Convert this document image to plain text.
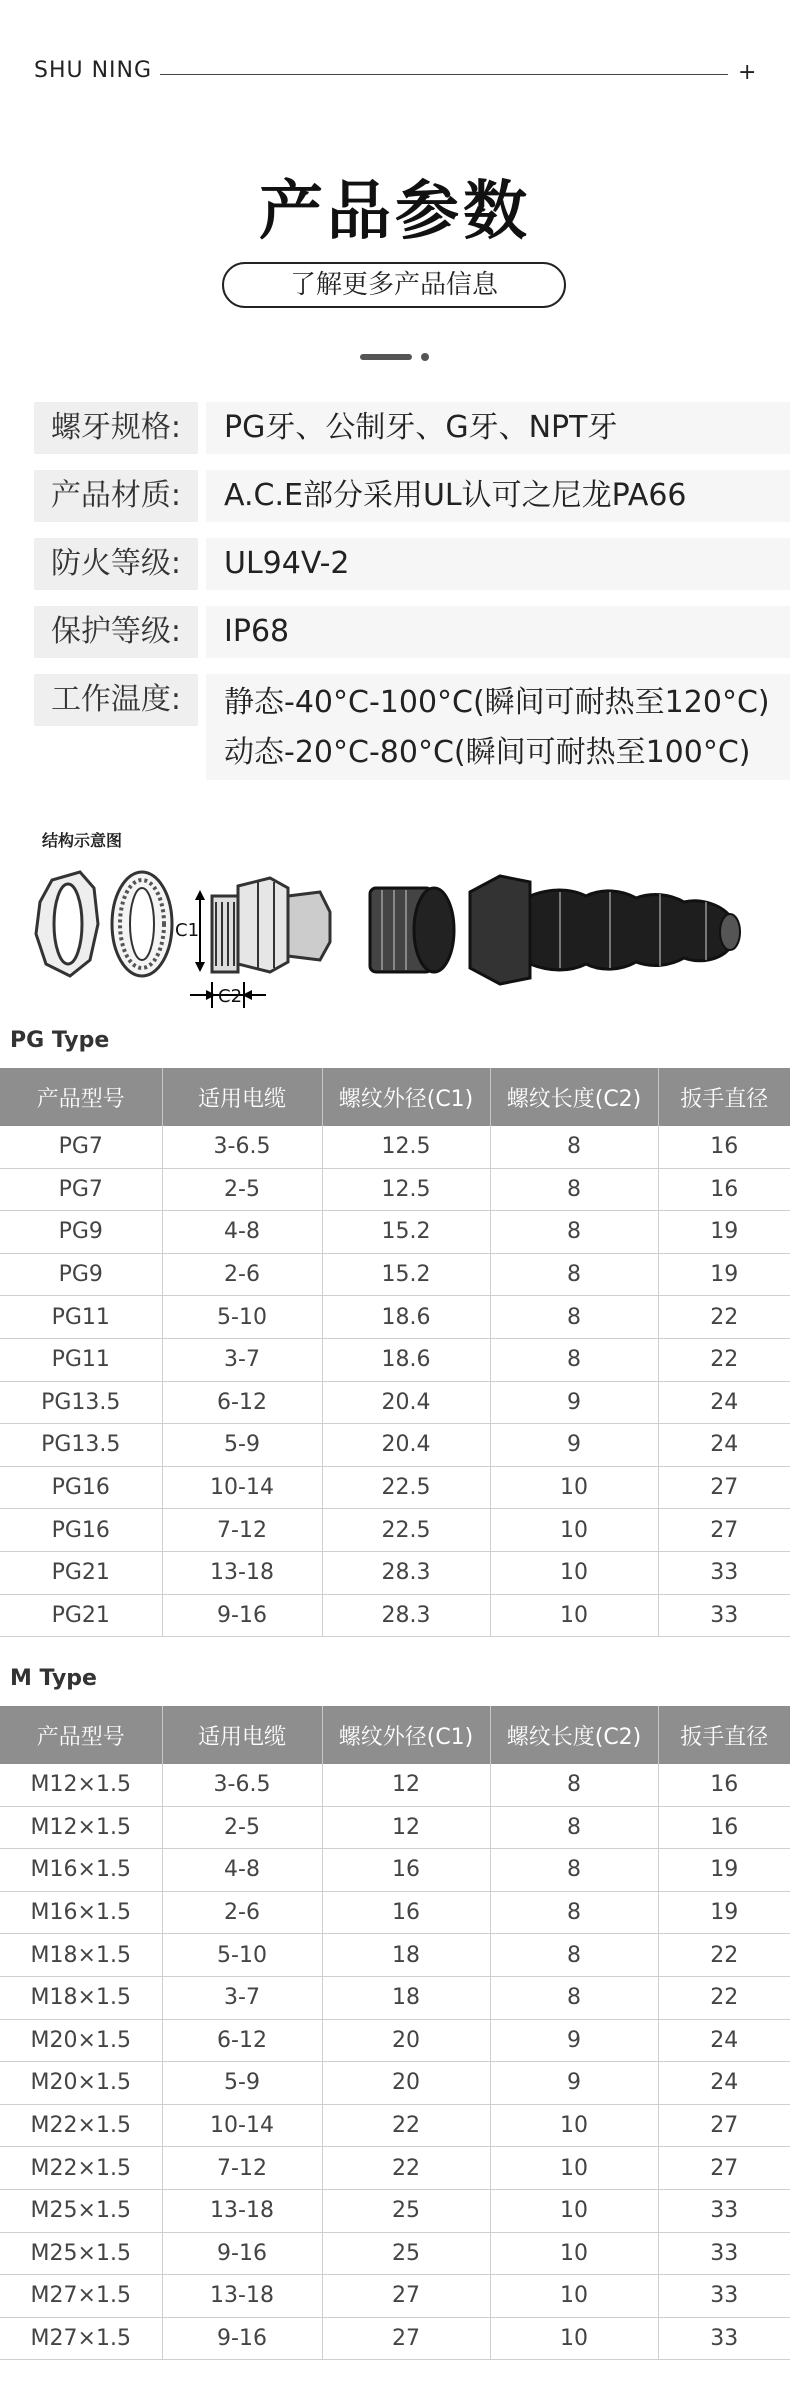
SHU NING	+
产品参数
了解更多产品信息
螺牙规格:	PG牙、公制牙、G牙、NPT牙
产品材质:	A.C.E部分采用UL认可之尼龙PA66
防火等级:	UL94V-2
保护等级:	IP68
工作温度:	静态-40°C-100°C(瞬间可耐热至120°C)
动态-20°C-80°C(瞬间可耐热至100°C)
结构示意图
C1
C2
PG Type
产品型号	适用电缆	螺纹外径(C1)	螺纹长度(C2)	扳手直径
PG7	3-6.5	12.5	8	16
PG7	2-5	12.5	8	16
PG9	4-8	15.2	8	19
PG9	2-6	15.2	8	19
PG11	5-10	18.6	8	22
PG11	3-7	18.6	8	22
PG13.5	6-12	20.4	9	24
PG13.5	5-9	20.4	9	24
PG16	10-14	22.5	10	27
PG16	7-12	22.5	10	27
PG21	13-18	28.3	10	33
PG21	9-16	28.3	10	33
M Type
产品型号	适用电缆	螺纹外径(C1)	螺纹长度(C2)	扳手直径
M12×1.5	3-6.5	12	8	16
M12×1.5	2-5	12	8	16
M16×1.5	4-8	16	8	19
M16×1.5	2-6	16	8	19
M18×1.5	5-10	18	8	22
M18×1.5	3-7	18	8	22
M20×1.5	6-12	20	9	24
M20×1.5	5-9	20	9	24
M22×1.5	10-14	22	10	27
M22×1.5	7-12	22	10	27
M25×1.5	13-18	25	10	33
M25×1.5	9-16	25	10	33
M27×1.5	13-18	27	10	33
M27×1.5	9-16	27	10	33
